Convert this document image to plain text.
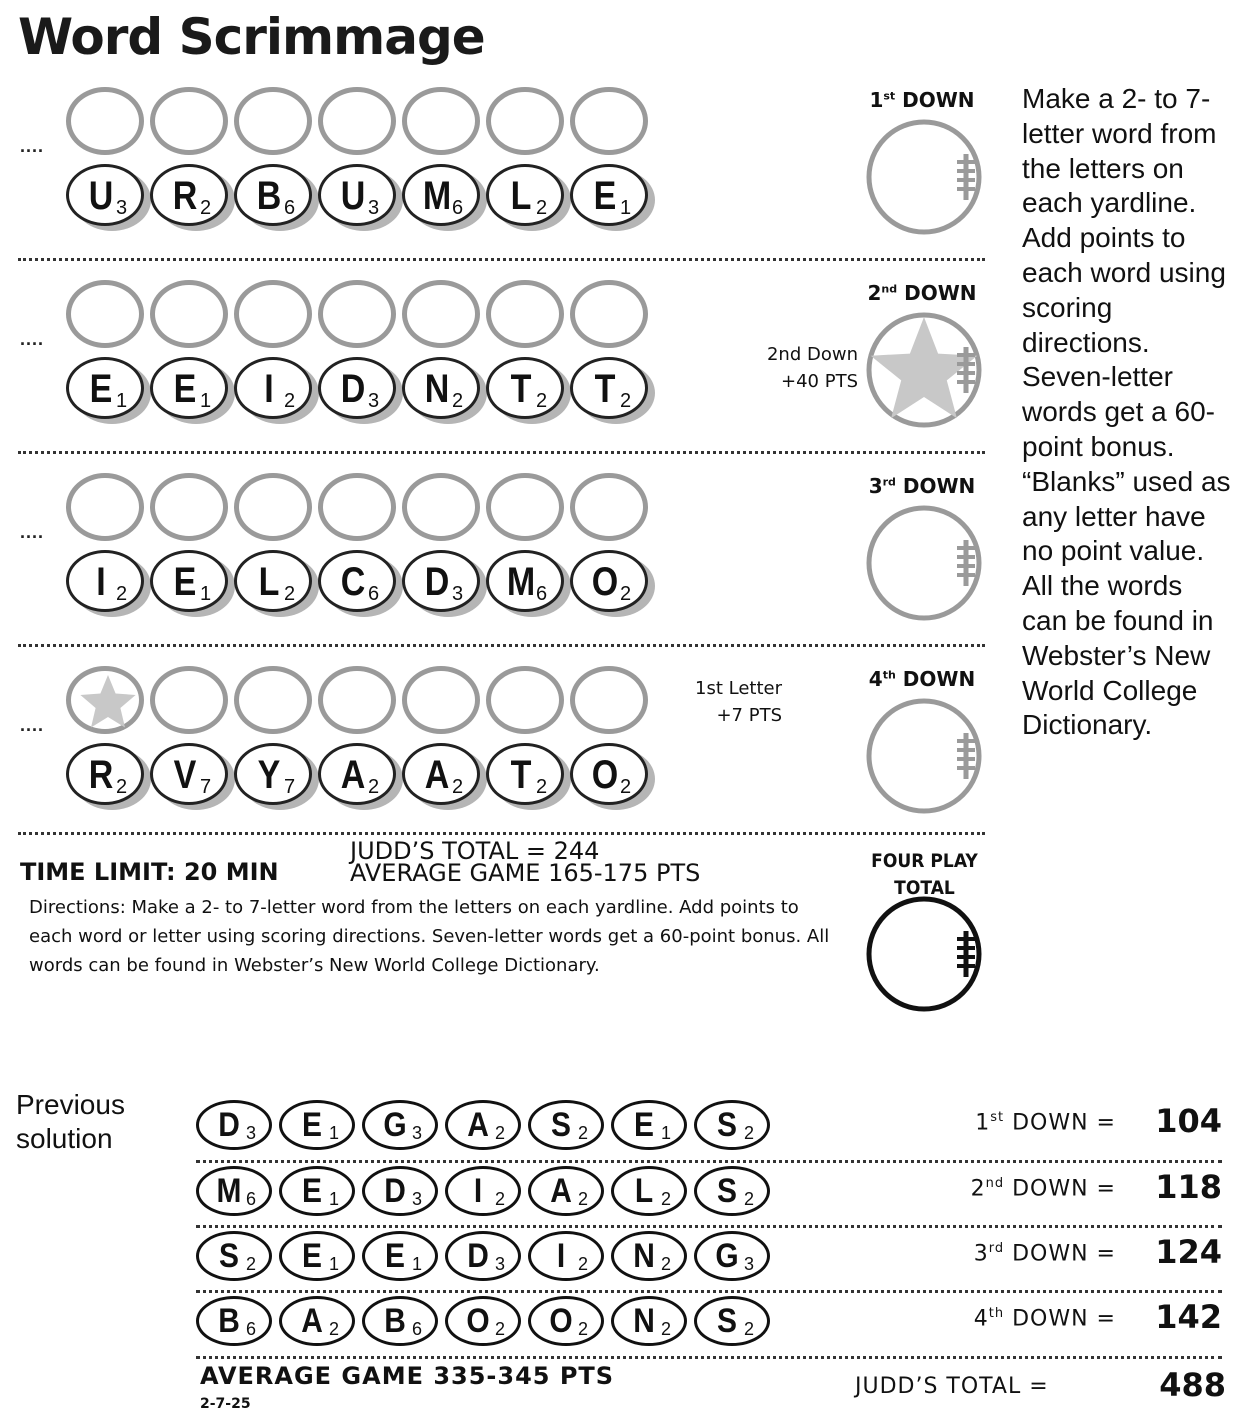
Word Scrimmage
Make a 2- to 7-letter word from the letters on each yardline. Add points to each word using scoring directions. Seven-letter words get a 60-point bonus. “Blanks” used as any letter have no point value. All the words can be found in Webster’s New World College Dictionary.
....
U 3 R 2 B 6 U 3 M 6 L 2 E 1
1st DOWN
....
E 1 E 1	I 2 D 3 N 2 T 2 T 2
2nd DOWN
2nd Down
+40 PTS
....
I 2 E 1 L 2 C 6 D 3 M 6 O 2
3rd DOWN
....
R 2 V 7 Y 7 A 2 A 2 T 2 O 2
4th DOWN
1st Letter
+7 PTS
TIME LIMIT: 20 MIN
JUDD’S TOTAL = 244
AVERAGE GAME 165-175 PTS
Directions: Make a 2- to 7-letter word from the letters on each yardline. Add points to each word or letter using scoring directions. Seven-letter words get a 60-point bonus. All words can be found in Webster’s New World College Dictionary.
FOUR PLAY
TOTAL
Previous
solution	D 3 E 1 G 3 A 2 S 2 E 1 S 2	1st DOWN =	104
M 6 E 1 D 3	I 2 A 2 L 2 S 2	2nd DOWN =	118
S 2 E 1 E 1 D 3	I 2 N 2 G 3	3rd DOWN =	124
B 6 A 2 B 6 O 2 O 2 N 2 S 2	4th DOWN =	142
AVERAGE GAME 335-345 PTS
2-7-25
JUDD’S TOTAL =	488
